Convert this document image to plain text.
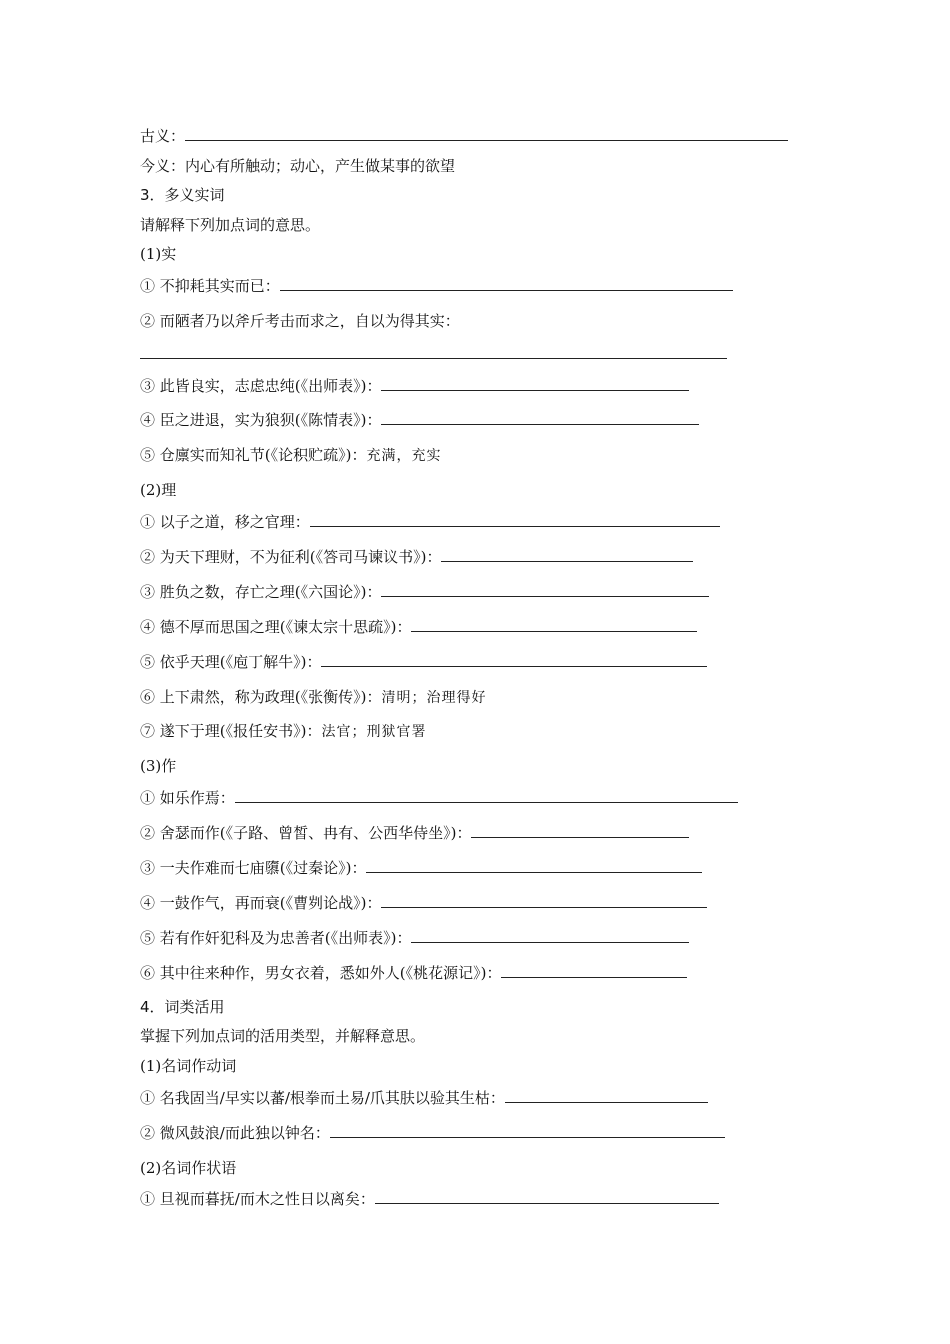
古义：
今义：内心有所触动；动心，产生做某事的欲望
3．多义实词
请解释下列加点词的意思。
(1)实
① 不抑耗其实而已：
② 而陋者乃以斧斤考击而求之，自以为得其实：
③ 此皆良实，志虑忠纯(《出师表》)：
④ 臣之进退，实为狼狈(《陈情表》)：
⑤ 仓廪实而知礼节(《论积贮疏》)：充满，充实
(2)理
① 以子之道，移之官理：
② 为天下理财，不为征利(《答司马谏议书》)：
③ 胜负之数，存亡之理(《六国论》)：
④ 德不厚而思国之理(《谏太宗十思疏》)：
⑤ 依乎天理(《庖丁解牛》)：
⑥ 上下肃然，称为政理(《张衡传》)：清明；治理得好
⑦ 遂下于理(《报任安书》)：法官；刑狱官署
(3)作
① 如乐作焉：
② 舍瑟而作(《子路、曾皙、冉有、公西华侍坐》)：
③ 一夫作难而七庙隳(《过秦论》)：
④ 一鼓作气，再而衰(《曹刿论战》)：
⑤ 若有作奸犯科及为忠善者(《出师表》)：
⑥ 其中往来种作，男女衣着，悉如外人(《桃花源记》)：
4．词类活用
掌握下列加点词的活用类型，并解释意思。
(1)名词作动词
① 名我固当/早实以蕃/根拳而土易/爪其肤以验其生枯：
② 微风鼓浪/而此独以钟名：
(2)名词作状语
① 旦视而暮抚/而木之性日以离矣：
